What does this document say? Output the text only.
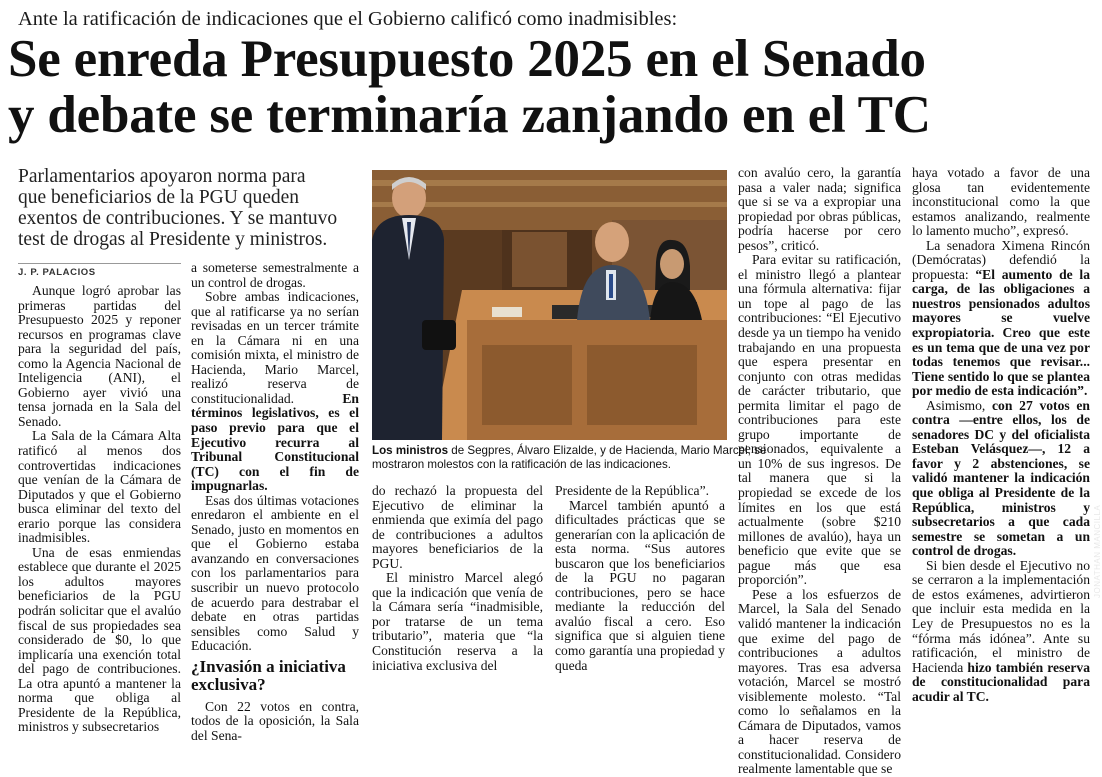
Ante la ratificación de indicaciones que el Gobierno calificó como inadmisibles:
Se enreda Presupuesto 2025 en el Senado
y debate se terminaría zanjando en el TC
Parlamentarios apoyaron norma para
que beneficiarios de la PGU queden
exentos de contribuciones. Y se mantuvo
test de drogas al Presidente y ministros.
J. P. PALACIOS

Aunque logró aprobar las primeras partidas del Presupuesto 2025 y reponer recursos en programas clave para la seguridad del país, como la Agencia Nacional de Inteligencia (ANI), el Gobierno ayer vivió una tensa jornada en la Sala del Senado.

La Sala de la Cámara Alta ratificó al menos dos controvertidas indicaciones que venían de la Cámara de Diputados y que el Gobierno busca eliminar del texto del erario porque las considera inadmisibles.

Una de esas enmiendas establece que durante el 2025 los adultos mayores beneficiarios de la PGU podrán solicitar que el avalúo fiscal de sus propiedades sea considerado de $0, lo que implicaría una exención total del pago de contribuciones. La otra apuntó a mantener la norma que obliga al Presidente de la República, ministros y subsecretarios

a someterse semestralmente a un control de drogas.

Sobre ambas indicaciones, que al ratificarse ya no serían revisadas en un tercer trámite en la Cámara ni en una comisión mixta, el ministro de Hacienda, Mario Marcel, realizó reserva de constitucionalidad. En términos legislativos, es el paso previo para que el Ejecutivo recurra al Tribunal Constitucional (TC) con el fin de impugnarlas.

Esas dos últimas votaciones enredaron el ambiente en el Senado, justo en momentos en que el Gobierno estaba avanzando en conversaciones con los parlamentarios para suscribir un nuevo protocolo de acuerdo para destrabar el debate en otras partidas sensibles como Salud y Educación.

¿Invasión a iniciativa exclusiva?

Con 22 votos en contra, todos de la oposición, la Sala del Sena-

JONATHAN MANCILLA
Los ministros de Segpres, Álvaro Elizalde, y de Hacienda, Mario Marcel, se
mostraron molestos con la ratificación de las indicaciones.

do rechazó la propuesta del Ejecutivo de eliminar la enmienda que eximía del pago de contribuciones a adultos mayores beneficiarios de la PGU.

El ministro Marcel alegó que la indicación que venía de la Cámara sería “inadmisible, por tratarse de un tema tributario”, materia que “la Constitución reserva a la iniciativa exclusiva del

Presidente de la República”.

Marcel también apuntó a dificultades prácticas que se generarían con la aplicación de esta norma. “Sus autores buscaron que los beneficiarios de la PGU no pagaran contribuciones, pero se hace mediante la reducción del avalúo fiscal a cero. Eso significa que si alguien tiene como garantía una propiedad y queda

con avalúo cero, la garantía pasa a valer nada; significa que si se va a expropiar una propiedad por obras públicas, podría hacerse por cero pesos”, criticó.

Para evitar su ratificación, el ministro llegó a plantear una fórmula alternativa: fijar un tope al pago de las contribuciones: “El Ejecutivo desde ya un tiempo ha venido trabajando en una propuesta que espera presentar en conjunto con otras medidas de carácter tributario, que permita limitar el pago de contribuciones para este grupo importante de pensionados, equivalente a un 10% de sus ingresos. De tal manera que si la propiedad se excede de los límites en los que está actualmente (sobre $210 millones de avalúo), haya un beneficio que evite que se pague más que esa proporción”.

Pese a los esfuerzos de Marcel, la Sala del Senado validó mantener la indicación que exime del pago de contribuciones a adultos mayores. Tras esa adversa votación, Marcel se mostró visiblemente molesto. “Tal como lo señalamos en la Cámara de Diputados, vamos a hacer reserva de constitucionalidad. Considero realmente lamentable que se

haya votado a favor de una glosa tan evidentemente inconstitucional como la que estamos analizando, realmente lo lamento mucho”, expresó.

La senadora Ximena Rincón (Demócratas) defendió la propuesta: “El aumento de la carga, de las obligaciones a nuestros pensionados adultos mayores se vuelve expropiatoria. Creo que este es un tema que de una vez por todas tenemos que revisar... Tiene sentido lo que se plantea por medio de esta indicación”.

Asimismo, con 27 votos en contra —entre ellos, los de senadores DC y del oficialista Esteban Velásquez—, 12 a favor y 2 abstenciones, se validó mantener la indicación que obliga al Presidente de la República, ministros y subsecretarios a que cada semestre se sometan a un control de drogas.

Si bien desde el Ejecutivo no se cerraron a la implementación de estos exámenes, advirtieron que incluir esta medida en la Ley de Presupuestos no es la “fórma más idónea”. Ante su ratificación, el ministro de Hacienda hizo también reserva de constitucionalidad para acudir al TC.
